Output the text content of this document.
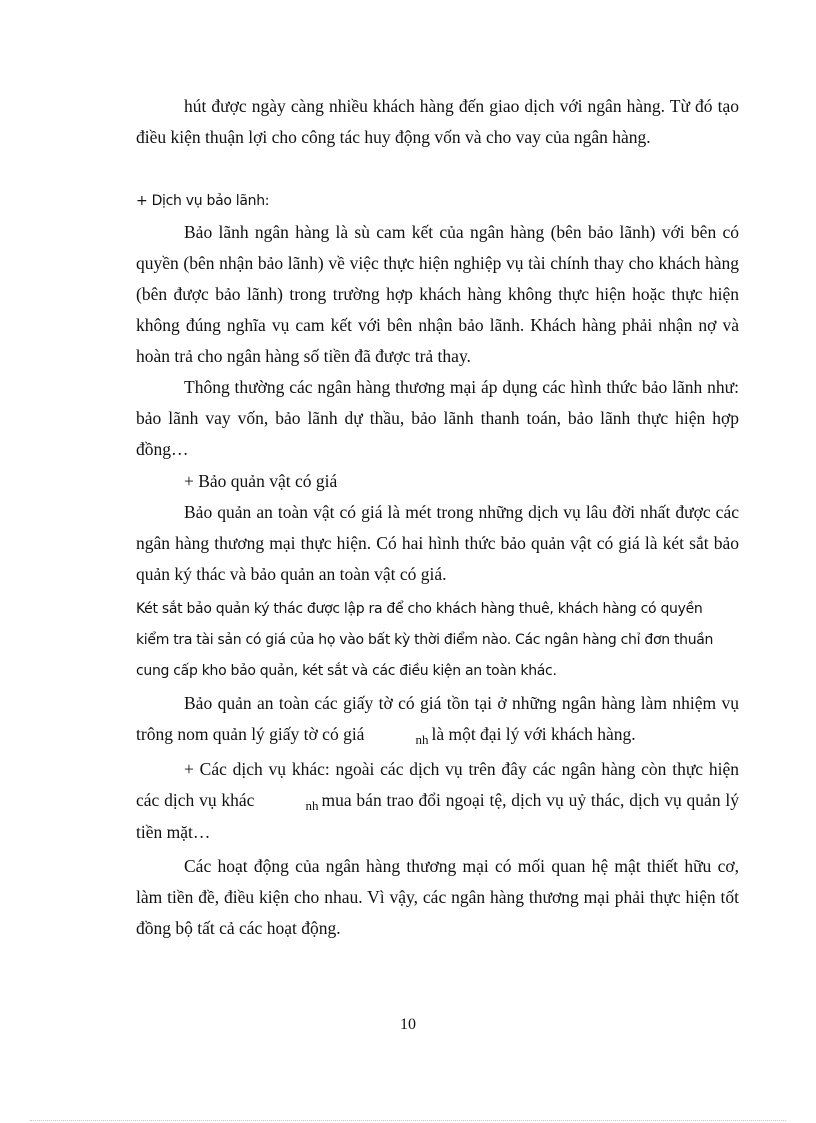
hút được ngày càng nhiều khách hàng đến giao dịch với ngân hàng. Từ đó tạo điều kiện thuận lợi cho công tác huy động vốn và cho vay của ngân hàng.

+ Dịch vụ bảo lãnh:

Bảo lãnh ngân hàng là sù cam kết của ngân hàng (bên bảo lãnh) với bên có quyền (bên nhận bảo lãnh) về việc thực hiện nghiệp vụ tài chính thay cho khách hàng (bên được bảo lãnh) trong trường hợp khách hàng không thực hiện hoặc thực hiện không đúng nghĩa vụ cam kết với bên nhận bảo lãnh. Khách hàng phải nhận nợ và hoàn trả cho ngân hàng số tiền đã được trả thay.

Thông thường các ngân hàng thương mại áp dụng các hình thức bảo lãnh như: bảo lãnh vay vốn, bảo lãnh dự thầu, bảo lãnh thanh toán, bảo lãnh thực hiện hợp đồng…

+ Bảo quản vật có giá

Bảo quản an toàn vật có giá là mét trong những dịch vụ lâu đời nhất được các ngân hàng thương mại thực hiện. Có hai hình thức bảo quản vật có giá là két sắt bảo quản ký thác và bảo quản an toàn vật có giá.

Két sắt bảo quản ký thác được lập ra để cho khách hàng thuê, khách hàng có quyền kiểm tra tài sản có giá của họ vào bất kỳ thời điểm nào. Các ngân hàng chỉ đơn thuần cung cấp kho bảo quản, két sắt và các điều kiện an toàn khác.

Bảo quản an toàn các giấy tờ có giá tồn tại ở những ngân hàng làm nhiệm vụ trông nom quản lý giấy tờ có giá	nh là một đại lý với khách hàng.

+ Các dịch vụ khác: ngoài các dịch vụ trên đây các ngân hàng còn thực hiện các dịch vụ khác	nh mua bán trao đổi ngoại tệ, dịch vụ uỷ thác, dịch vụ quản lý tiền mặt…

Các hoạt động của ngân hàng thương mại có mối quan hệ mật thiết hữu cơ, làm tiền đề, điều kiện cho nhau. Vì vậy, các ngân hàng thương mại phải thực hiện tốt đồng bộ tất cả các hoạt động.

10
